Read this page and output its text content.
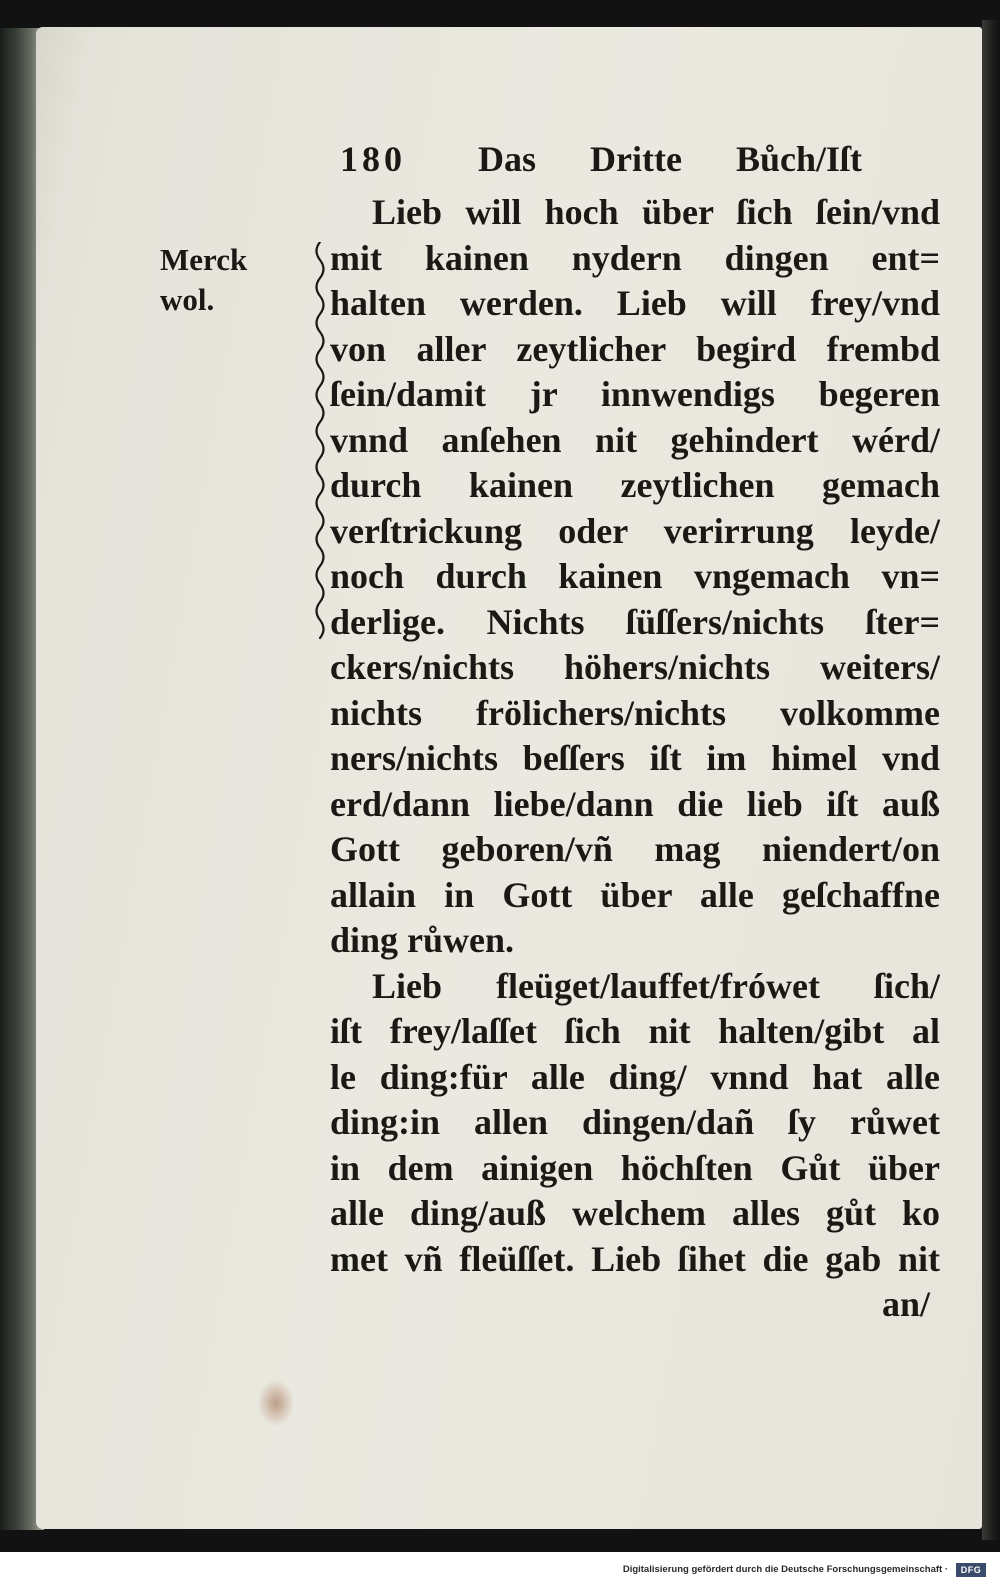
180 Das Dritte Bůch/Iſt
Merck
wol.
Lieb will hoch über ſich ſein/vnd
mit kainen nydern dingen ent=
halten werden. Lieb will frey/vnd
von aller zeytlicher begird frembd
ſein/damit jr innwendigs begeren
vnnd anſehen nit gehindert wérd/
durch kainen zeytlichen gemach
verſtrickung oder verirrung leyde/
noch durch kainen vngemach vn=
derlige. Nichts ſüſſers/nichts ſter=
ckers/nichts höhers/nichts weiters/
nichts frölichers/nichts volkomme
ners/nichts beſſers iſt im himel vnd
erd/dann liebe/dann die lieb iſt auß
Gott geboren/vñ mag niendert/on
allain in Gott über alle geſchaffne
ding růwen.
Lieb fleüget/lauffet/frówet ſich/
iſt frey/laſſet ſich nit halten/gibt al
le ding:für alle ding/ vnnd hat alle
ding:in allen dingen/dañ ſy růwet
in dem ainigen höchſten Gůt über
alle ding/auß welchem alles gůt ko
met vñ fleüſſet. Lieb ſihet die gab nit
an/
Digitalisierung gefördert durch die Deutsche Forschungsgemeinschaft ·	DFG
